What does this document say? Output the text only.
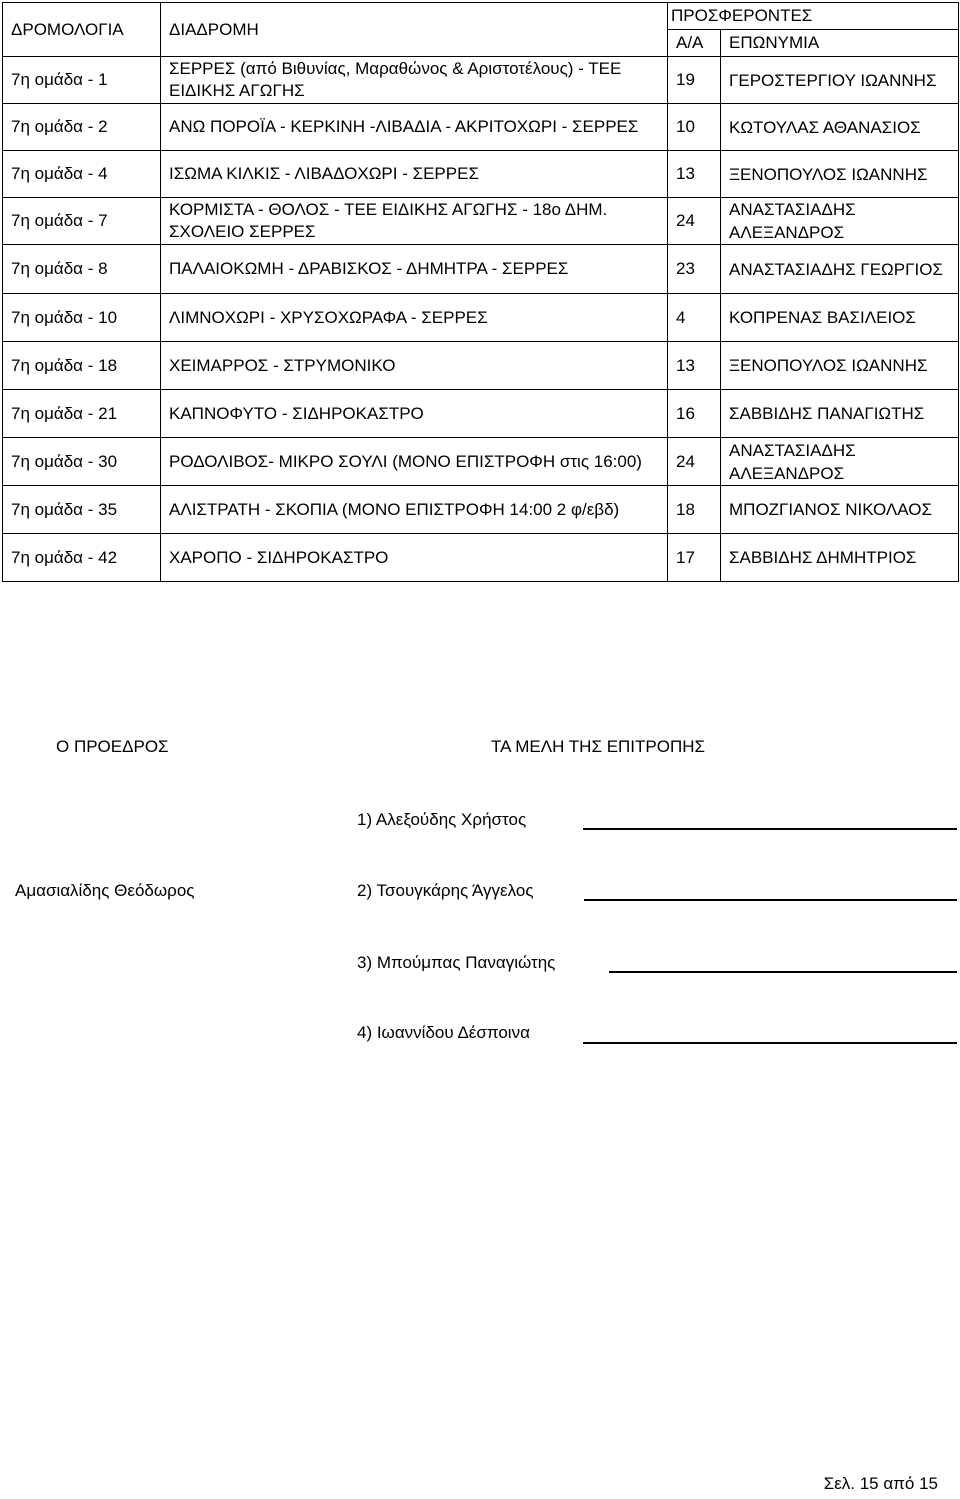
ΔΡΟΜΟΛΟΓΙΑ	ΔΙΑΔΡΟΜΗ	ΠΡΟΣΦΕΡΟΝΤΕΣ	
		Α/Α	ΕΠΩΝΥΜΙΑ
7η ομάδα - 1	ΣΕΡΡΕΣ (από Βιθυνίας, Μαραθώνος & Αριστοτέλους) - ΤΕΕ ΕΙΔΙΚΗΣ ΑΓΩΓΗΣ	19	ΓΕΡΟΣΤΕΡΓΙΟΥ ΙΩΑΝΝΗΣ
7η ομάδα - 2	ΑΝΩ ΠΟΡΟΪΑ - ΚΕΡΚΙΝΗ -ΛΙΒΑΔΙΑ - ΑΚΡΙΤΟΧΩΡΙ - ΣΕΡΡΕΣ	10	ΚΩΤΟΥΛΑΣ ΑΘΑΝΑΣΙΟΣ
7η ομάδα - 4	ΙΣΩΜΑ ΚΙΛΚΙΣ - ΛΙΒΑΔΟΧΩΡΙ - ΣΕΡΡΕΣ	13	ΞΕΝΟΠΟΥΛΟΣ ΙΩΑΝΝΗΣ
7η ομάδα - 7	ΚΟΡΜΙΣΤΑ - ΘΟΛΟΣ - ΤΕΕ ΕΙΔΙΚΗΣ ΑΓΩΓΗΣ - 18ο ΔΗΜ. ΣΧΟΛΕΙΟ ΣΕΡΡΕΣ	24	ΑΝΑΣΤΑΣΙΑΔΗΣ ΑΛΕΞΑΝΔΡΟΣ
7η ομάδα - 8	ΠΑΛΑΙΟΚΩΜΗ - ΔΡΑΒΙΣΚΟΣ - ΔΗΜΗΤΡΑ - ΣΕΡΡΕΣ	23	ΑΝΑΣΤΑΣΙΑΔΗΣ ΓΕΩΡΓΙΟΣ
7η ομάδα - 10	ΛΙΜΝΟΧΩΡΙ - ΧΡΥΣΟΧΩΡΑΦΑ - ΣΕΡΡΕΣ	4	ΚΟΠΡΕΝΑΣ ΒΑΣΙΛΕΙΟΣ
7η ομάδα - 18	ΧΕΙΜΑΡΡΟΣ - ΣΤΡΥΜΟΝΙΚΟ	13	ΞΕΝΟΠΟΥΛΟΣ ΙΩΑΝΝΗΣ
7η ομάδα - 21	ΚΑΠΝΟΦΥΤΟ - ΣΙΔΗΡΟΚΑΣΤΡΟ	16	ΣΑΒΒΙΔΗΣ ΠΑΝΑΓΙΩΤΗΣ
7η ομάδα - 30	ΡΟΔΟΛΙΒΟΣ- ΜΙΚΡΟ ΣΟΥΛΙ (ΜΟΝΟ ΕΠΙΣΤΡΟΦΗ στις 16:00)	24	ΑΝΑΣΤΑΣΙΑΔΗΣ ΑΛΕΞΑΝΔΡΟΣ
7η ομάδα - 35	ΑΛΙΣΤΡΑΤΗ - ΣΚΟΠΙΑ (ΜΟΝΟ ΕΠΙΣΤΡΟΦΗ 14:00 2 φ/εβδ)	18	ΜΠΟΖΓΙΑΝΟΣ ΝΙΚΟΛΑΟΣ
7η ομάδα - 42	ΧΑΡΟΠΟ - ΣΙΔΗΡΟΚΑΣΤΡΟ	17	ΣΑΒΒΙΔΗΣ ΔΗΜΗΤΡΙΟΣ
Ο ΠΡΟΕΔΡΟΣ	ΤΑ ΜΕΛΗ ΤΗΣ ΕΠΙΤΡΟΠΗΣ
1) Αλεξούδης Χρήστος
Αμασιαλίδης Θεόδωρος	2) Τσουγκάρης Άγγελος
3) Μπούμπας Παναγιώτης
4) Ιωαννίδου Δέσποινα
Σελ. 15 από 15
